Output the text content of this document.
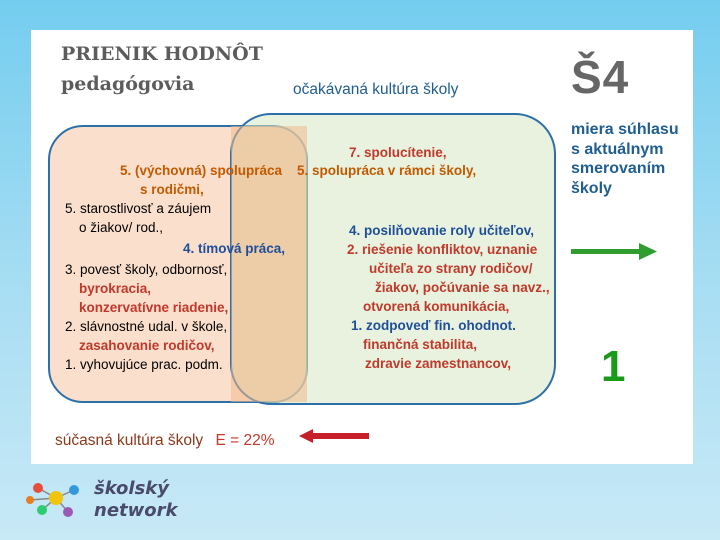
PRIENIK HODNÔT
pedagógovia	očakávaná kultúra školy Š4
5. (výchovná) spolupráca
s rodičmi,
5. starostlivosť a záujem
o žiakov/ rod.,
4. tímová práca,
3. povesť školy, odbornosť,
byrokracia,
konzervatívne riadenie,
2. slávnostné udal. v škole,
zasahovanie rodičov,
1. vyhovujúce prac. podm.
7. spolucítenie,
5. spolupráca v rámci školy,
4. posilňovanie roly učiteľov,
2. riešenie konfliktov, uznanie
učiteľa zo strany rodičov/
žiakov, počúvanie sa navz.,
otvorená komunikácia,
1. zodpoveď fin. ohodnot.
finančná stabilita,
zdravie zamestnancov,
miera súhlasu
s aktuálnym
smerovaním
školy
1
súčasná kultúra školy E = 22%
školský
network
